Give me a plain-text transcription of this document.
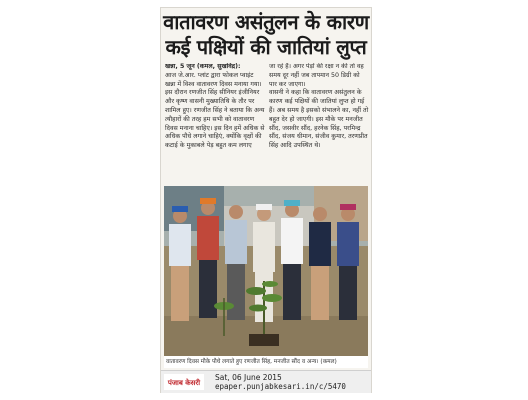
वातावरण असंतुलन के कारण
कई पक्षियों की जातियां लुप्त

खन्ना, 5 जून (कमल, सुखविंद्र):

आज जे.आर. प्लांट द्वारा फोकल प्वाइंट खन्ना में विश्व वातावरण दिवस मनाया गया। इस दौरान रणजीत सिंह सीनियर इंजीनियर और कृष्ण वासनी मुख्यातिथि के तौर पर शामिल हुए। रणजीत सिंह ने बताया कि अन्य त्यौहारों की तरह हम सभी को वातावरण दिवस मनाना चाहिए। इस दिन हमें अधिक से अधिक पौधे लगाने चाहिएं, क्योंकि वृक्षों की कटाई के मुकाबले पेड़ बहुत कम लगाए

जा रहे हैं। अगर पेड़ों की रक्षा न की तो वह समय दूर नहीं जब तापमान 50 डिग्री को पार कर जाएगा।

वासनी ने कहा कि वातावरण असंतुलन के कारण कई पक्षियों की जातियां लुप्त हो गई हैं। अब समय है इसको संभालने का, नहीं तो बहुत देर हो जाएगी। इस मौके पर मनजीत सौंद, जसवीर सौंद, हरनेक सिंह, परमिन्द्र सौंद, संजय धीमान, संजीव कुमार, तरणप्रीत सिंह आदि उपस्थित थे।

वातावरण दिवस मौके पौधे लगाते हुए रणजीत सिंह, मनजीत सौंद व अन्य। (कमल)
पंजाब केसरी
Sat, 06 June 2015
epaper.punjabkesari.in/c/5470
